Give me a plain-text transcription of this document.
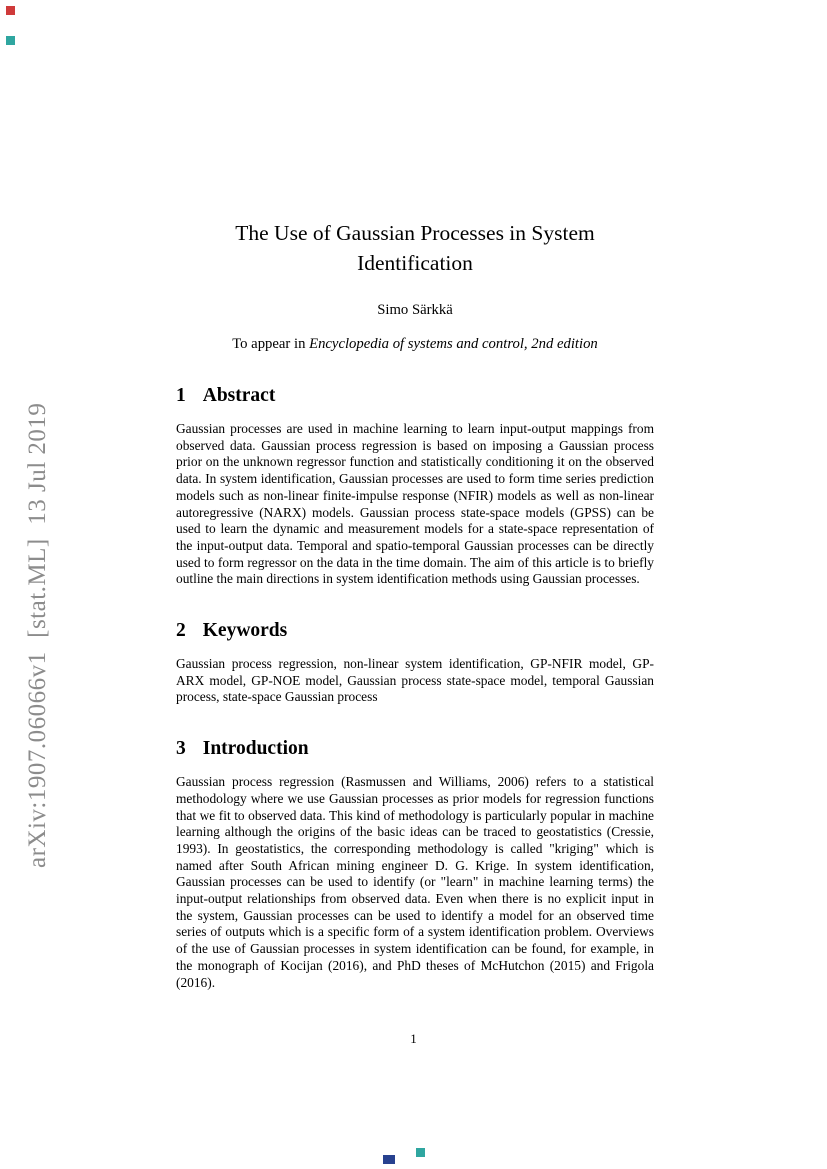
arXiv:1907.06066v1  [stat.ML]  13 Jul 2019
The Use of Gaussian Processes in System Identification
Simo Särkkä
To appear in Encyclopedia of systems and control, 2nd edition
1 Abstract

Gaussian processes are used in machine learning to learn input-output mappings from observed data. Gaussian process regression is based on imposing a Gaussian process prior on the unknown regressor function and statistically conditioning it on the observed data. In system identification, Gaussian processes are used to form time series prediction models such as non-linear finite-impulse response (NFIR) models as well as non-linear autoregressive (NARX) models. Gaussian process state-space models (GPSS) can be used to learn the dynamic and measurement models for a state-space representation of the input-output data. Temporal and spatio-temporal Gaussian processes can be directly used to form regressor on the data in the time domain. The aim of this article is to briefly outline the main directions in system identification methods using Gaussian processes.

2 Keywords

Gaussian process regression, non-linear system identification, GP-NFIR model, GP-ARX model, GP-NOE model, Gaussian process state-space model, temporal Gaussian process, state-space Gaussian process

3 Introduction

Gaussian process regression (Rasmussen and Williams, 2006) refers to a statistical methodology where we use Gaussian processes as prior models for regression functions that we fit to observed data. This kind of methodology is particularly popular in machine learning although the origins of the basic ideas can be traced to geostatistics (Cressie, 1993). In geostatistics, the corresponding methodology is called "kriging" which is named after South African mining engineer D. G. Krige. In system identification, Gaussian processes can be used to identify (or "learn" in machine learning terms) the input-output relationships from observed data. Even when there is no explicit input in the system, Gaussian processes can be used to identify a model for an observed time series of outputs which is a specific form of a system identification problem. Overviews of the use of Gaussian processes in system identification can be found, for example, in the monograph of Kocijan (2016), and PhD theses of McHutchon (2015) and Frigola (2016).

1
